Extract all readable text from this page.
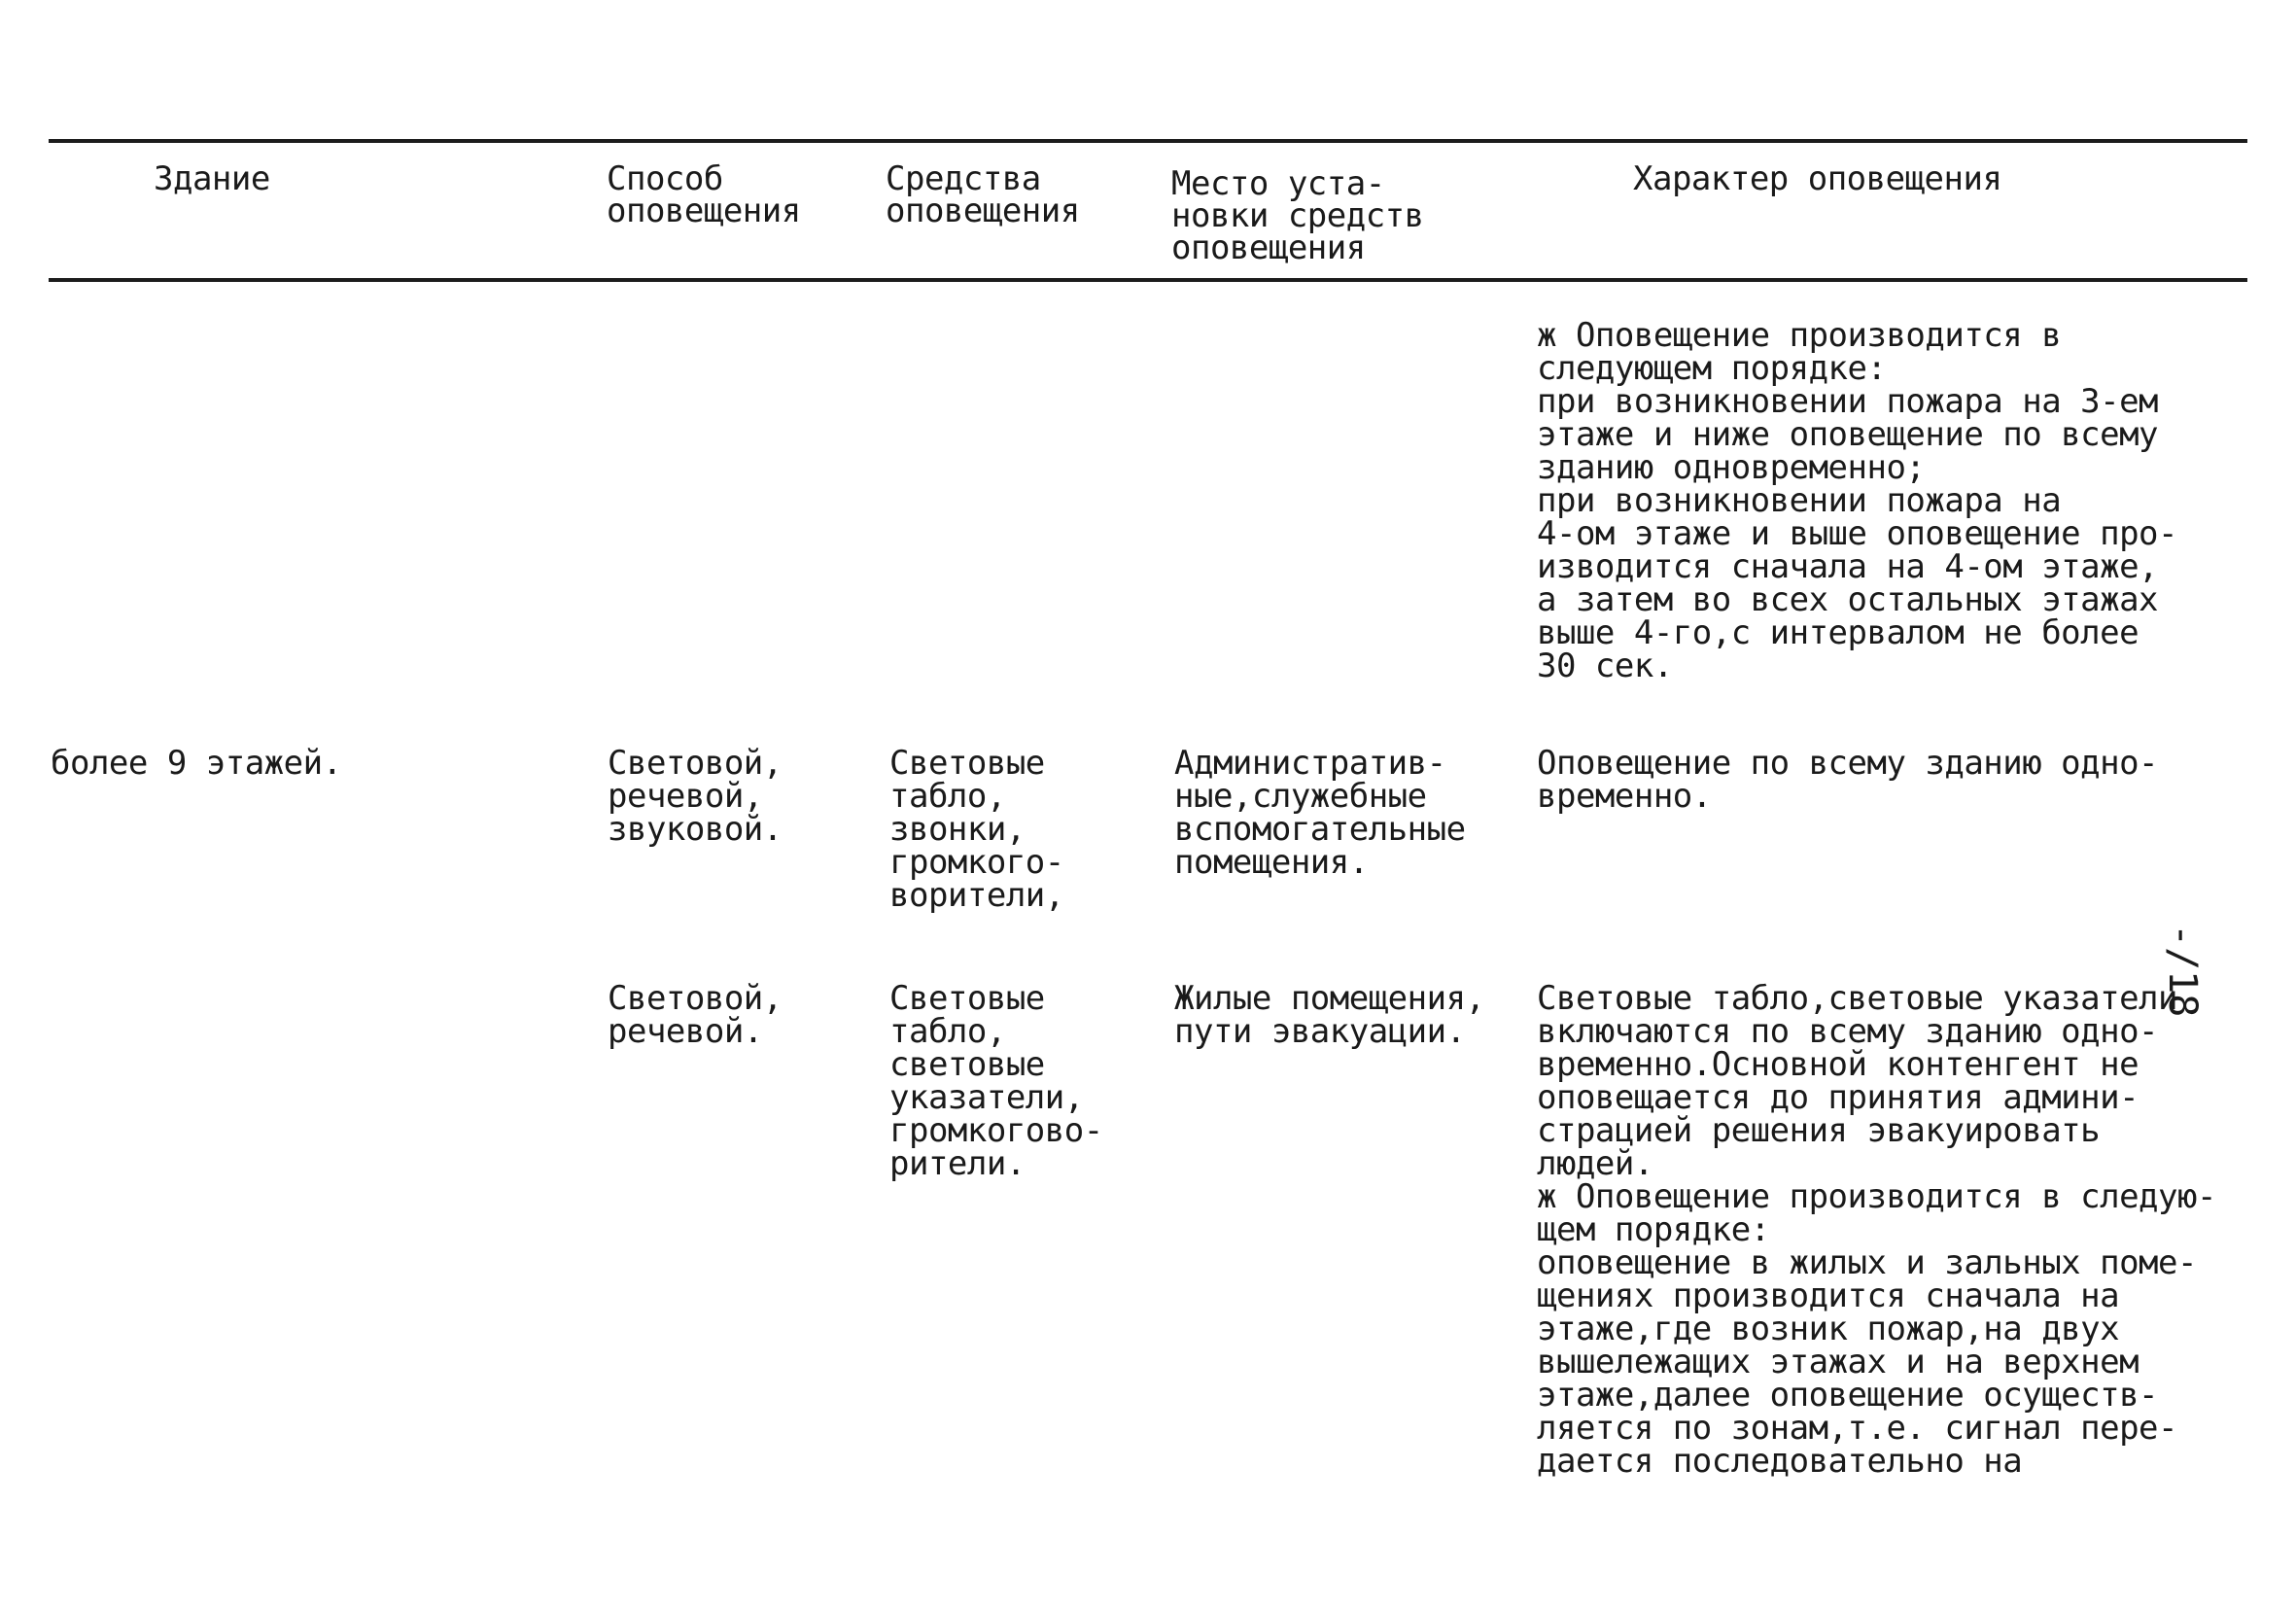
Здание	Способ
оповещения
Средства
оповещения
Место уста-
новки средств
оповещения
Характер оповещения
ж Оповещение производится в
следующем порядке:
при возникновении пожара на 3-ем
этаже и ниже оповещение по всему
зданию одновременно;
при возникновении пожара на
4-ом этаже и выше оповещение про-
изводится сначала на 4-ом этаже,
а затем во всех остальных этажах
выше 4-го,с интервалом не более
30 сек.
более 9 этажей.	Световой,
речевой,
звуковой.
Световые
табло,
звонки,
громкого-
ворители,
Административ-
ные,служебные
вспомогательные
помещения.
Оповещение по всему зданию одно-
временно.
Световой,
речевой.
Световые
табло,
световые
указатели,
громкогово-
рители.
Жилые помещения,
пути эвакуации.
Световые табло,световые указатели
включаются по всему зданию одно-
временно.Основной контенгент не
оповещается до принятия админи-
страцией решения эвакуировать
людей.
ж Оповещение производится в следую-
щем порядке:
оповещение в жилых и зальных поме-
щениях производится сначала на
этаже,где возник пожар,на двух
вышележащих этажах и на верхнем
этаже,далее оповещение осуществ-
ляется по зонам,т.е. сигнал пере-
дается последовательно на
-/18
